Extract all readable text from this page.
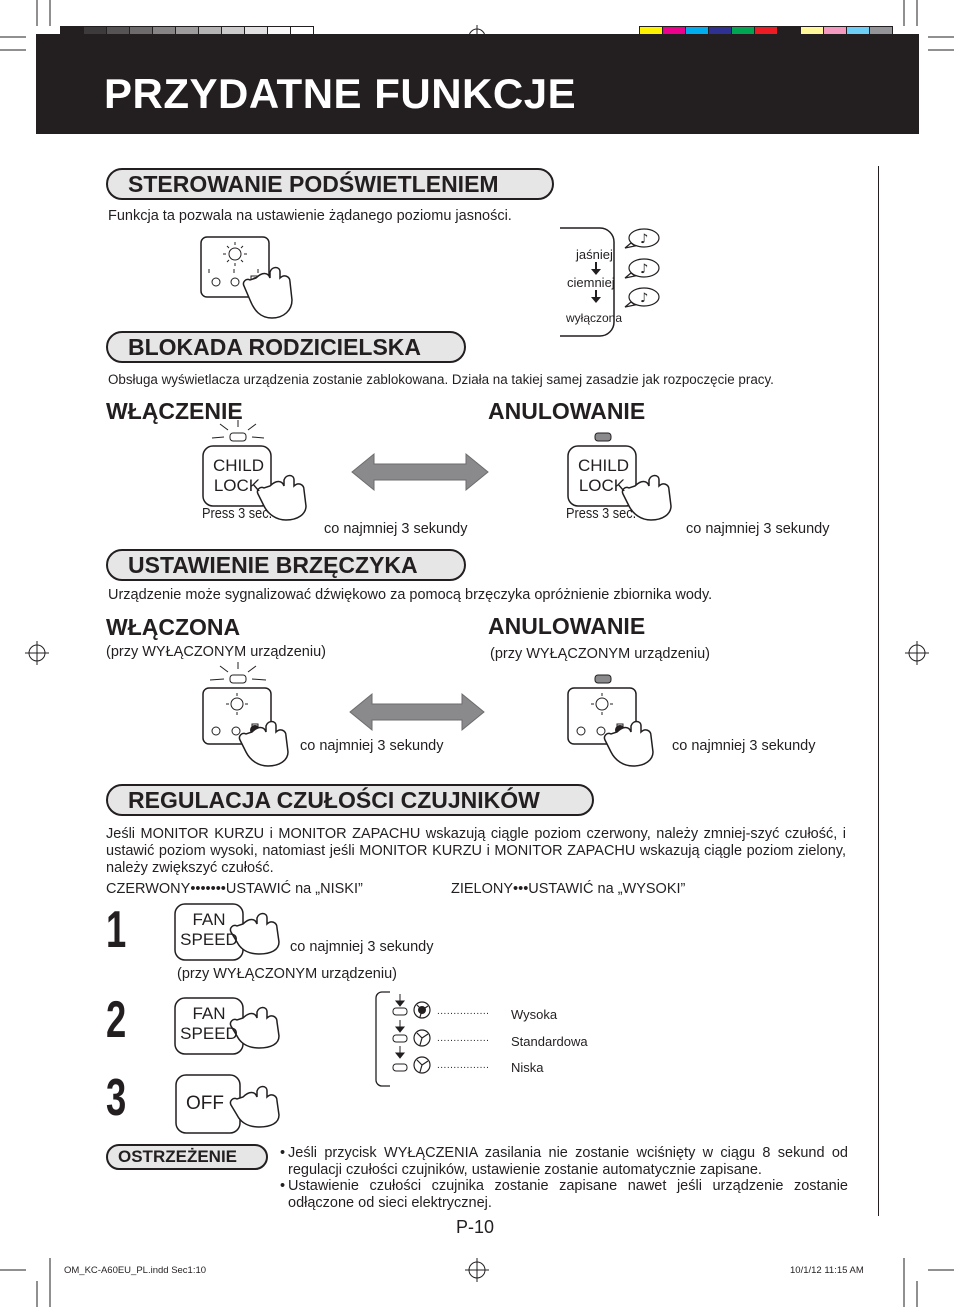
PRZYDATNE FUNKCJE
STEROWANIE PODŚWIETLENIEM
Funkcja ta pozwala na ustawienie żądanego poziomu jasności.
♪
♪
♪
jaśniej
ciemniej
wyłączona
BLOKADA RODZICIELSKA
Obsługa wyświetlacza urządzenia zostanie zablokowana. Działa na takiej samej zasadzie jak rozpoczęcie pracy.
WŁĄCZENIE	ANULOWANIE
CHILD
LOCK
Press 3 sec.
co najmniej 3 sekundy
CHILD
LOCK
Press 3 sec.
co najmniej 3 sekundy
USTAWIENIE BRZĘCZYKA
Urządzenie może sygnalizować dźwiękowo za pomocą brzęczyka opróżnienie zbiornika wody.
WŁĄCZONA
(przy WYŁĄCZONYM urządzeniu)
ANULOWANIE
(przy WYŁĄCZONYM urządzeniu)
co najmniej 3 sekundy	co najmniej 3 sekundy
REGULACJA CZUŁOŚCI CZUJNIKÓW
Jeśli MONITOR KURZU i MONITOR ZAPACHU wskazują ciągle poziom czerwony, należy zmniej-szyć czułość, i ustawić poziom wysoki, natomiast jeśli MONITOR KURZU i MONITOR ZAPACHU wskazują ciągle poziom zielony, należy zwiększyć czułość.
CZERWONY•••••••USTAWIĆ na „NISKI”	ZIELONY•••USTAWIĆ na „WYSOKI”
1
2
3
FAN
SPEED	co najmniej 3 sekundy
(przy WYŁĄCZONYM urządzeniu)
FAN
SPEED
................
................
................
Wysoka
Standardowa
Niska
OFF
OSTRZEŻENIE	• Jeśli przycisk WYŁĄCZENIA zasilania nie zostanie wciśnięty w ciągu 8 sekund od regulacji czułości czujników, ustawienie zostanie automatycznie zapisane.
• Ustawienie czułości czujnika zostanie zapisane nawet jeśli urządzenie zostanie odłączone od sieci elektrycznej.
P-10
OM_KC-A60EU_PL.indd Sec1:10	10/1/12 11:15 AM
